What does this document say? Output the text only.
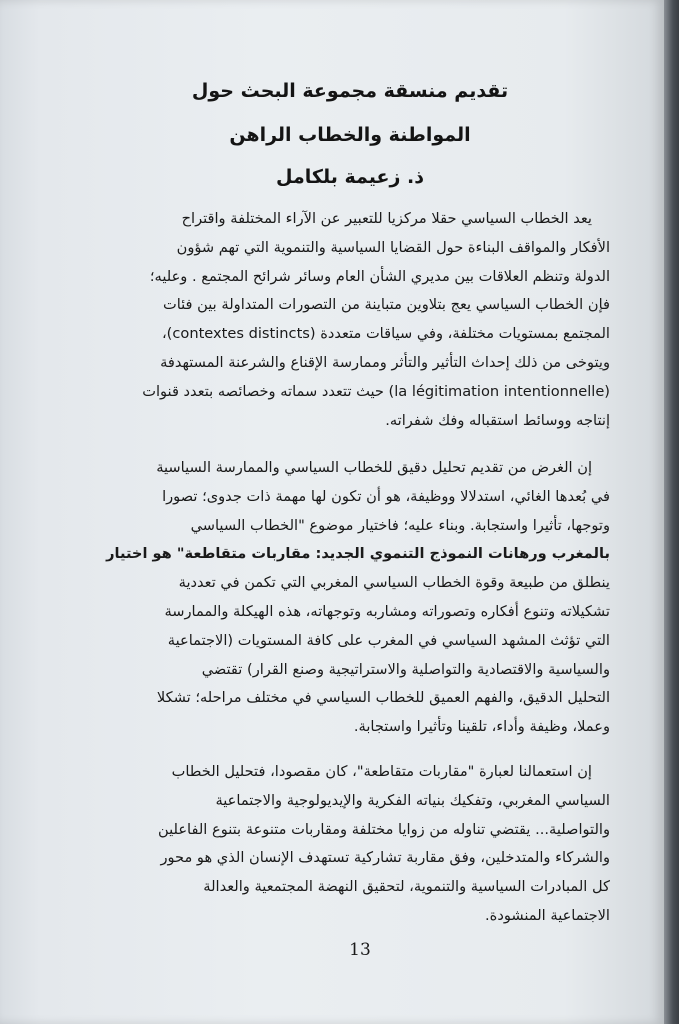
تقديم منسقة مجموعة البحث حول
المواطنة والخطاب الراهن
ذ. زعيمة بلكامل
يعد الخطاب السياسي حقلا مركزيا للتعبير عن الآراء المختلفة واقتراح
الأفكار والمواقف البناءة حول القضايا السياسية والتنموية التي تهم شؤون
الدولة وتنظم العلاقات بين مديري الشأن العام وسائر شرائح المجتمع . وعليه؛
فإن الخطاب السياسي يعج بتلاوين متباينة من التصورات المتداولة بين فئات
المجتمع بمستويات مختلفة، وفي سياقات متعددة (contextes distincts)،
ويتوخى من ذلك إحداث التأثير والتأثر وممارسة الإقناع والشرعنة المستهدفة
(la légitimation intentionnelle) حيث تتعدد سماته وخصائصه بتعدد قنوات
إنتاجه ووسائط استقباله وفك شفراته.
إن الغرض من تقديم تحليل دقيق للخطاب السياسي والممارسة السياسية
في بُعدها الغائي، استدلالا ووظيفة، هو أن تكون لها مهمة ذات جدوى؛ تصورا
وتوجها، تأثيرا واستجابة. وبناء عليه؛ فاختيار موضوع "الخطاب السياسي
بالمغرب ورهانات النموذج التنموي الجديد: مقاربات متقاطعة" هو اختيار
ينطلق من طبيعة وقوة الخطاب السياسي المغربي التي تكمن في تعددية
تشكيلاته وتنوع أفكاره وتصوراته ومشاربه وتوجهاته، هذه الهيكلة والممارسة
التي تؤثث المشهد السياسي في المغرب على كافة المستويات (الاجتماعية
والسياسية والاقتصادية والتواصلية والاستراتيجية وصنع القرار) تقتضي
التحليل الدقيق، والفهم العميق للخطاب السياسي في مختلف مراحله؛ تشكلا
وعملا، وظيفة وأداء، تلقينا وتأثيرا واستجابة.
إن استعمالنا لعبارة "مقاربات متقاطعة"، كان مقصودا، فتحليل الخطاب
السياسي المغربي، وتفكيك بنياته الفكرية والإيديولوجية والاجتماعية
والتواصلية... يقتضي تناوله من زوايا مختلفة ومقاربات متنوعة بتنوع الفاعلين
والشركاء والمتدخلين، وفق مقاربة تشاركية تستهدف الإنسان الذي هو محور
كل المبادرات السياسية والتنموية، لتحقيق النهضة المجتمعية والعدالة
الاجتماعية المنشودة.
13
